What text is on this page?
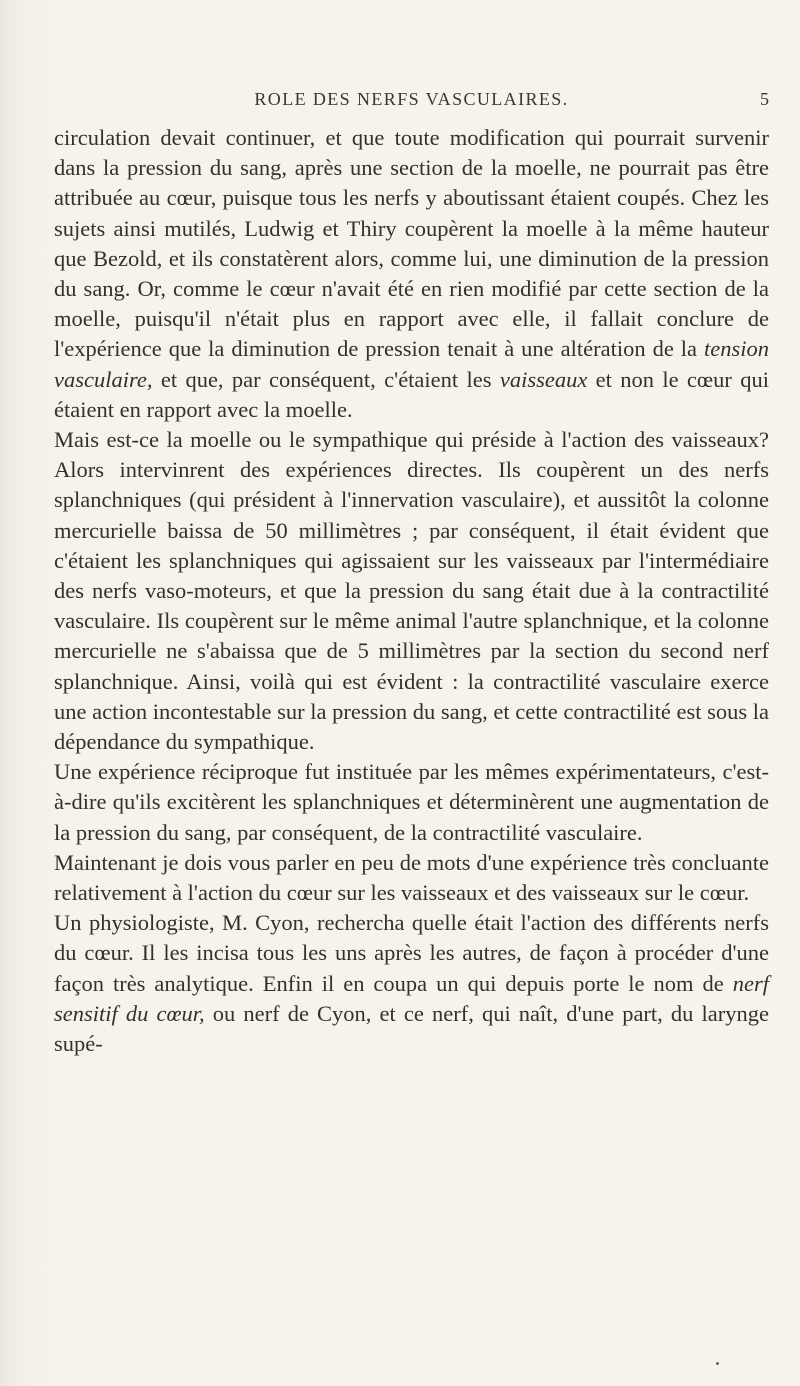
ROLE DES NERFS VASCULAIRES.	5

circulation devait continuer, et que toute modification qui pourrait survenir dans la pression du sang, après une section de la moelle, ne pourrait pas être attribuée au cœur, puisque tous les nerfs y aboutissant étaient coupés. Chez les sujets ainsi mutilés, Ludwig et Thiry coupèrent la moelle à la même hauteur que Bezold, et ils constatèrent alors, comme lui, une diminution de la pression du sang. Or, comme le cœur n'avait été en rien modifié par cette section de la moelle, puisqu'il n'était plus en rapport avec elle, il fallait conclure de l'expérience que la diminution de pression tenait à une altération de la tension vasculaire, et que, par conséquent, c'étaient les vaisseaux et non le cœur qui étaient en rapport avec la moelle.

Mais est-ce la moelle ou le sympathique qui préside à l'action des vaisseaux? Alors intervinrent des expériences directes. Ils coupèrent un des nerfs splanchniques (qui président à l'innervation vasculaire), et aussitôt la colonne mercurielle baissa de 50 millimètres ; par conséquent, il était évident que c'étaient les splanchniques qui agissaient sur les vaisseaux par l'intermédiaire des nerfs vaso-moteurs, et que la pression du sang était due à la contractilité vasculaire. Ils coupèrent sur le même animal l'autre splanchnique, et la colonne mercurielle ne s'abaissa que de 5 millimètres par la section du second nerf splanchnique. Ainsi, voilà qui est évident : la contractilité vasculaire exerce une action incontestable sur la pression du sang, et cette contractilité est sous la dépendance du sympathique.

Une expérience réciproque fut instituée par les mêmes expérimentateurs, c'est-à-dire qu'ils excitèrent les splanchniques et déterminèrent une augmentation de la pression du sang, par conséquent, de la contractilité vasculaire.

Maintenant je dois vous parler en peu de mots d'une expérience très concluante relativement à l'action du cœur sur les vaisseaux et des vaisseaux sur le cœur.

Un physiologiste, M. Cyon, rechercha quelle était l'action des différents nerfs du cœur. Il les incisa tous les uns après les autres, de façon à procéder d'une façon très analytique. Enfin il en coupa un qui depuis porte le nom de nerf sensitif du cœur, ou nerf de Cyon, et ce nerf, qui naît, d'une part, du larynge supé-
